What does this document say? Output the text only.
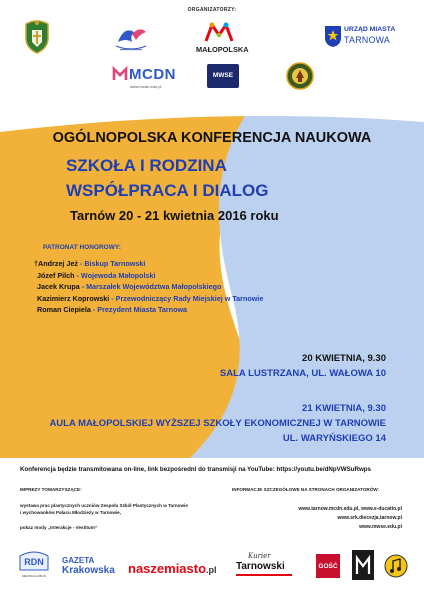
ORGANIZATORZY:
MAŁOPOLSKA
URZĄD MIASTA
TARNOWA
MCDN
www.mcdn.edu.pl
MWSE
OGÓLNOPOLSKA KONFERENCJA NAUKOWA
SZKOŁA I RODZINA
WSPÓŁPRACA I DIALOG
Tarnów 20 - 21 kwietnia 2016 roku
PATRONAT HONOROWY:
†Andrzej Jeż - Biskup Tarnowski
Józef Pilch - Wojewoda Małopolski
Jacek Krupa - Marszałek Województwa Małopolskiego
Kazimierz Koprowski - Przewodniczący Rady Miejskiej w Tarnowie
Roman Ciepiela - Prezydent Miasta Tarnowa
20 KWIETNIA, 9.30
SALA LUSTRZANA, UL. WAŁOWA 10
21 KWIETNIA, 9.30
AULA MAŁOPOLSKIEJ WYŻSZEJ SZKOŁY EKONOMICZNEJ W TARNOWIE
UL. WARYŃSKIEGO 14
Konferencja będzie transmitowana on-line, link bezpośredni do transmisji na YouTube: https://youtu.be/dNpVWSuRwps
IMPREZY TOWARZYSZĄCE:
wystawa prac plastycznych uczniów Zespołu Szkół Plastycznych w Tarnowie
i wychowanków Pałacu Młodzieży w Tarnowie,
pokaz mody „Interakcje - Vestitum”
INFORMACJE SZCZEGÓŁOWE NA STRONACH ORGANIZATORÓW:
www.tarnow.mcdn.edu.pl, www.e-ducatio.pl
www.srk.diecezja.tarnow.pl
www.mwse.edu.pl
RDN
MIEJSKA LUBLIN
GAZETA
Krakowska naszemiasto.pl
Kurier
Tarnowski	GOŚĆ
